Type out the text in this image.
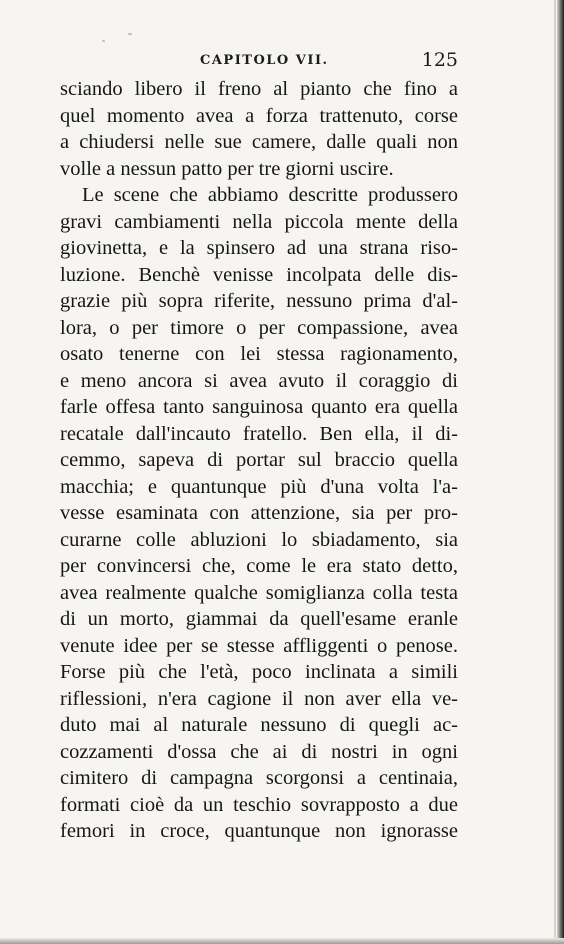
CAPITOLO VII.	125
sciando libero il freno al pianto che fino a
quel momento avea a forza trattenuto, corse
a chiudersi nelle sue camere, dalle quali non
volle a nessun patto per tre giorni uscire.
Le scene che abbiamo descritte produssero
gravi cambiamenti nella piccola mente della
giovinetta, e la spinsero ad una strana riso-
luzione. Benchè venisse incolpata delle dis-
grazie più sopra riferite, nessuno prima d'al-
lora, o per timore o per compassione, avea
osato tenerne con lei stessa ragionamento,
e meno ancora si avea avuto il coraggio di
farle offesa tanto sanguinosa quanto era quella
recatale dall'incauto fratello. Ben ella, il di-
cemmo, sapeva di portar sul braccio quella
macchia; e quantunque più d'una volta l'a-
vesse esaminata con attenzione, sia per pro-
curarne colle abluzioni lo sbiadamento, sia
per convincersi che, come le era stato detto,
avea realmente qualche somiglianza colla testa
di un morto, giammai da quell'esame eranle
venute idee per se stesse affliggenti o penose.
Forse più che l'età, poco inclinata a simili
riflessioni, n'era cagione il non aver ella ve-
duto mai al naturale nessuno di quegli ac-
cozzamenti d'ossa che ai di nostri in ogni
cimitero di campagna scorgonsi a centinaia,
formati cioè da un teschio sovrapposto a due
femori in croce, quantunque non ignorasse
